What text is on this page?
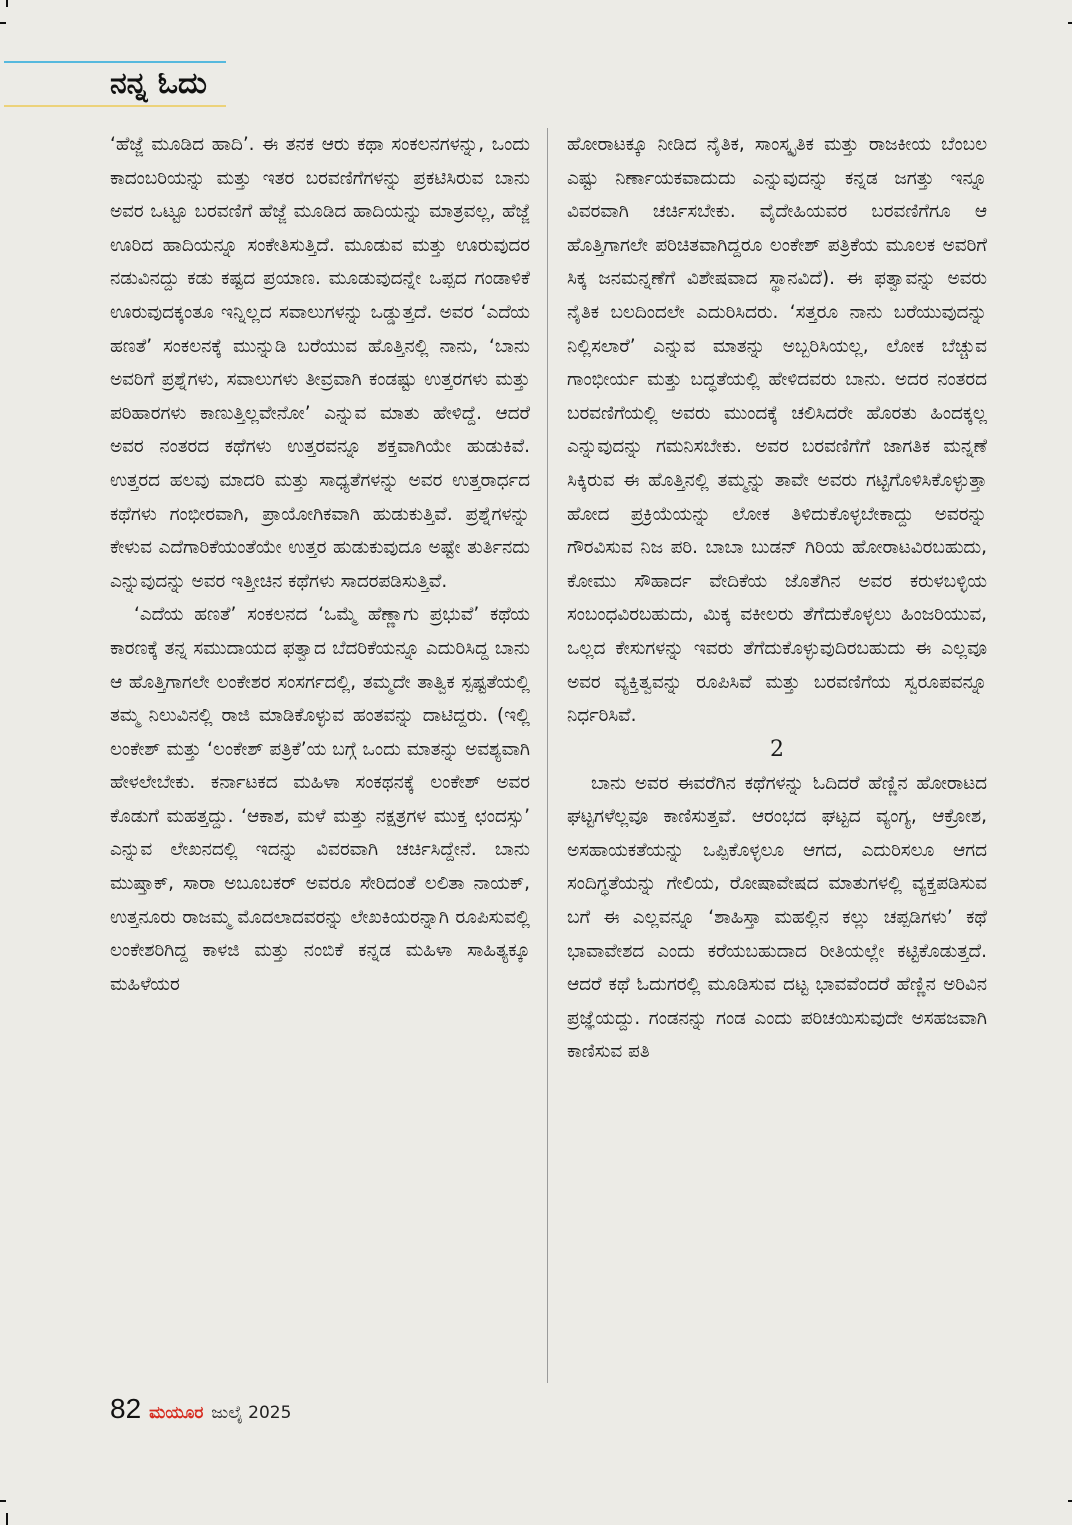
ನನ್ನ ಓದು

‘ಹೆಜ್ಜೆ ಮೂಡಿದ ಹಾದಿ’. ಈ ತನಕ ಆರು ಕಥಾ ಸಂಕಲನಗಳನ್ನು, ಒಂದು ಕಾದಂಬರಿಯನ್ನು ಮತ್ತು ಇತರ ಬರವಣಿಗೆಗಳನ್ನು ಪ್ರಕಟಿಸಿರುವ ಬಾನು ಅವರ ಒಟ್ಟೂ ಬರವಣಿಗೆ ಹೆಜ್ಜೆ ಮೂಡಿದ ಹಾದಿಯನ್ನು ಮಾತ್ರವಲ್ಲ, ಹೆಜ್ಜೆ ಊರಿದ ಹಾದಿಯನ್ನೂ ಸಂಕೇತಿಸುತ್ತಿದೆ. ಮೂಡುವ ಮತ್ತು ಊರುವುದರ ನಡುವಿನದ್ದು ಕಡು ಕಷ್ಟದ ಪ್ರಯಾಣ. ಮೂಡುವುದನ್ನೇ ಒಪ್ಪದ ಗಂಡಾಳಿಕೆ ಊರುವುದಕ್ಕಂತೂ ಇನ್ನಿಲ್ಲದ ಸವಾಲುಗಳನ್ನು ಒಡ್ಡುತ್ತದೆ. ಅವರ ‘ಎದೆಯ ಹಣತೆ’ ಸಂಕಲನಕ್ಕೆ ಮುನ್ನುಡಿ ಬರೆಯುವ ಹೊತ್ತಿನಲ್ಲಿ ನಾನು, ‘ಬಾನು ಅವರಿಗೆ ಪ್ರಶ್ನೆಗಳು, ಸವಾಲುಗಳು ತೀವ್ರವಾಗಿ ಕಂಡಷ್ಟು ಉತ್ತರಗಳು ಮತ್ತು ಪರಿಹಾರಗಳು ಕಾಣುತ್ತಿಲ್ಲವೇನೋ’ ಎನ್ನುವ ಮಾತು ಹೇಳಿದ್ದೆ. ಆದರೆ ಅವರ ನಂತರದ ಕಥೆಗಳು ಉತ್ತರವನ್ನೂ ಶಕ್ತವಾಗಿಯೇ ಹುಡುಕಿವೆ. ಉತ್ತರದ ಹಲವು ಮಾದರಿ ಮತ್ತು ಸಾಧ್ಯತೆಗಳನ್ನು ಅವರ ಉತ್ತರಾರ್ಧದ ಕಥೆಗಳು ಗಂಭೀರವಾಗಿ, ಪ್ರಾಯೋಗಿಕವಾಗಿ ಹುಡುಕುತ್ತಿವೆ. ಪ್ರಶ್ನೆಗಳನ್ನು ಕೇಳುವ ಎದೆಗಾರಿಕೆಯಂತೆಯೇ ಉತ್ತರ ಹುಡುಕುವುದೂ ಅಷ್ಟೇ ತುರ್ತಿನದು ಎನ್ನುವುದನ್ನು ಅವರ ಇತ್ತೀಚಿನ ಕಥೆಗಳು ಸಾದರಪಡಿಸುತ್ತಿವೆ.

‘ಎದೆಯ ಹಣತೆ’ ಸಂಕಲನದ ‘ಒಮ್ಮೆ ಹೆಣ್ಣಾಗು ಪ್ರಭುವೆ’ ಕಥೆಯ ಕಾರಣಕ್ಕೆ ತನ್ನ ಸಮುದಾಯದ ಫತ್ವಾದ ಬೆದರಿಕೆಯನ್ನೂ ಎದುರಿಸಿದ್ದ ಬಾನು ಆ ಹೊತ್ತಿಗಾಗಲೇ ಲಂಕೇಶರ ಸಂಸರ್ಗದಲ್ಲಿ, ತಮ್ಮದೇ ತಾತ್ವಿಕ ಸ್ಪಷ್ಟತೆಯಲ್ಲಿ ತಮ್ಮ ನಿಲುವಿನಲ್ಲಿ ರಾಜಿ ಮಾಡಿಕೊಳ್ಳುವ ಹಂತವನ್ನು ದಾಟಿದ್ದರು. (ಇಲ್ಲಿ ಲಂಕೇಶ್ ಮತ್ತು ‘ಲಂಕೇಶ್ ಪತ್ರಿಕೆ’ಯ ಬಗ್ಗೆ ಒಂದು ಮಾತನ್ನು ಅವಶ್ಯವಾಗಿ ಹೇಳಲೇಬೇಕು. ಕರ್ನಾಟಕದ ಮಹಿಳಾ ಸಂಕಥನಕ್ಕೆ ಲಂಕೇಶ್ ಅವರ ಕೊಡುಗೆ ಮಹತ್ತದ್ದು. ‘ಆಕಾಶ, ಮಳೆ ಮತ್ತು ನಕ್ಷತ್ರಗಳ ಮುಕ್ತ ಛಂದಸ್ಸು’ ಎನ್ನುವ ಲೇಖನದಲ್ಲಿ ಇದನ್ನು ವಿವರವಾಗಿ ಚರ್ಚಿಸಿದ್ದೇನೆ. ಬಾನು ಮುಷ್ತಾಕ್, ಸಾರಾ ಅಬೂಬಕರ್ ಅವರೂ ಸೇರಿದಂತೆ ಲಲಿತಾ ನಾಯಕ್, ಉತ್ತನೂರು ರಾಜಮ್ಮ ಮೊದಲಾದವರನ್ನು ಲೇಖಕಿಯರನ್ನಾಗಿ ರೂಪಿಸುವಲ್ಲಿ ಲಂಕೇಶರಿಗಿದ್ದ ಕಾಳಜಿ ಮತ್ತು ನಂಬಿಕೆ ಕನ್ನಡ ಮಹಿಳಾ ಸಾಹಿತ್ಯಕ್ಕೂ ಮಹಿಳೆಯರ

ಹೋರಾಟಕ್ಕೂ ನೀಡಿದ ನೈತಿಕ, ಸಾಂಸ್ಕೃತಿಕ ಮತ್ತು ರಾಜಕೀಯ ಬೆಂಬಲ ಎಷ್ಟು ನಿರ್ಣಾಯಕವಾದುದು ಎನ್ನುವುದನ್ನು ಕನ್ನಡ ಜಗತ್ತು ಇನ್ನೂ ವಿವರವಾಗಿ ಚರ್ಚಿಸಬೇಕು. ವೈದೇಹಿಯವರ ಬರವಣಿಗೆಗೂ ಆ ಹೊತ್ತಿಗಾಗಲೇ ಪರಿಚಿತವಾಗಿದ್ದರೂ ಲಂಕೇಶ್ ಪತ್ರಿಕೆಯ ಮೂಲಕ ಅವರಿಗೆ ಸಿಕ್ಕ ಜನಮನ್ನಣೆಗೆ ವಿಶೇಷವಾದ ಸ್ಥಾನವಿದೆ). ಈ ಫತ್ವಾವನ್ನು ಅವರು ನೈತಿಕ ಬಲದಿಂದಲೇ ಎದುರಿಸಿದರು. ‘ಸತ್ತರೂ ನಾನು ಬರೆಯುವುದನ್ನು ನಿಲ್ಲಿಸಲಾರೆ’ ಎನ್ನುವ ಮಾತನ್ನು ಅಬ್ಬರಿಸಿಯಲ್ಲ, ಲೋಕ ಬೆಚ್ಚುವ ಗಾಂಭೀರ್ಯ ಮತ್ತು ಬದ್ಧತೆಯಲ್ಲಿ ಹೇಳಿದವರು ಬಾನು. ಅದರ ನಂತರದ ಬರವಣಿಗೆಯಲ್ಲಿ ಅವರು ಮುಂದಕ್ಕೆ ಚಲಿಸಿದರೇ ಹೊರತು ಹಿಂದಕ್ಕಲ್ಲ ಎನ್ನುವುದನ್ನು ಗಮನಿಸಬೇಕು. ಅವರ ಬರವಣಿಗೆಗೆ ಜಾಗತಿಕ ಮನ್ನಣೆ ಸಿಕ್ಕಿರುವ ಈ ಹೊತ್ತಿನಲ್ಲಿ ತಮ್ಮನ್ನು ತಾವೇ ಅವರು ಗಟ್ಟಿಗೊಳಿಸಿಕೊಳ್ಳುತ್ತಾ ಹೋದ ಪ್ರಕ್ರಿಯೆಯನ್ನು ಲೋಕ ತಿಳಿದುಕೊಳ್ಳಬೇಕಾದ್ದು ಅವರನ್ನು ಗೌರವಿಸುವ ನಿಜ ಪರಿ. ಬಾಬಾ ಬುಡನ್ ಗಿರಿಯ ಹೋರಾಟವಿರಬಹುದು, ಕೋಮು ಸೌಹಾರ್ದ ವೇದಿಕೆಯ ಜೊತೆಗಿನ ಅವರ ಕರುಳಬಳ್ಳಿಯ ಸಂಬಂಧವಿರಬಹುದು, ಮಿಕ್ಕ ವಕೀಲರು ತೆಗೆದುಕೊಳ್ಳಲು ಹಿಂಜರಿಯುವ, ಒಲ್ಲದ ಕೇಸುಗಳನ್ನು ಇವರು ತೆಗೆದುಕೊಳ್ಳುವುದಿರಬಹುದು ಈ ಎಲ್ಲವೂ ಅವರ ವ್ಯಕ್ತಿತ್ವವನ್ನು ರೂಪಿಸಿವೆ ಮತ್ತು ಬರವಣಿಗೆಯ ಸ್ವರೂಪವನ್ನೂ ನಿರ್ಧರಿಸಿವೆ.

2

ಬಾನು ಅವರ ಈವರೆಗಿನ ಕಥೆಗಳನ್ನು ಓದಿದರೆ ಹೆಣ್ಣಿನ ಹೋರಾಟದ ಘಟ್ಟಗಳೆಲ್ಲವೂ ಕಾಣಿಸುತ್ತವೆ. ಆರಂಭದ ಘಟ್ಟದ ವ್ಯಂಗ್ಯ, ಆಕ್ರೋಶ, ಅಸಹಾಯಕತೆಯನ್ನು ಒಪ್ಪಿಕೊಳ್ಳಲೂ ಆಗದ, ಎದುರಿಸಲೂ ಆಗದ ಸಂದಿಗ್ಧತೆಯನ್ನು ಗೇಲಿಯ, ರೋಷಾವೇಷದ ಮಾತುಗಳಲ್ಲಿ ವ್ಯಕ್ತಪಡಿಸುವ ಬಗೆ ಈ ಎಲ್ಲವನ್ನೂ ‘ಶಾಹಿಸ್ತಾ ಮಹಲ್ಲಿನ ಕಲ್ಲು ಚಪ್ಪಡಿಗಳು’ ಕಥೆ ಭಾವಾವೇಶದ ಎಂದು ಕರೆಯಬಹುದಾದ ರೀತಿಯಲ್ಲೇ ಕಟ್ಟಿಕೊಡುತ್ತದೆ. ಆದರೆ ಕಥೆ ಓದುಗರಲ್ಲಿ ಮೂಡಿಸುವ ದಟ್ಟ ಭಾವವೆಂದರೆ ಹೆಣ್ಣಿನ ಅರಿವಿನ ಪ್ರಜ್ಞೆಯದ್ದು. ಗಂಡನನ್ನು ಗಂಡ ಎಂದು ಪರಿಚಯಿಸುವುದೇ ಅಸಹಜವಾಗಿ ಕಾಣಿಸುವ ಪತಿ

82 ಮಯೂರ ಜುಲೈ 2025
